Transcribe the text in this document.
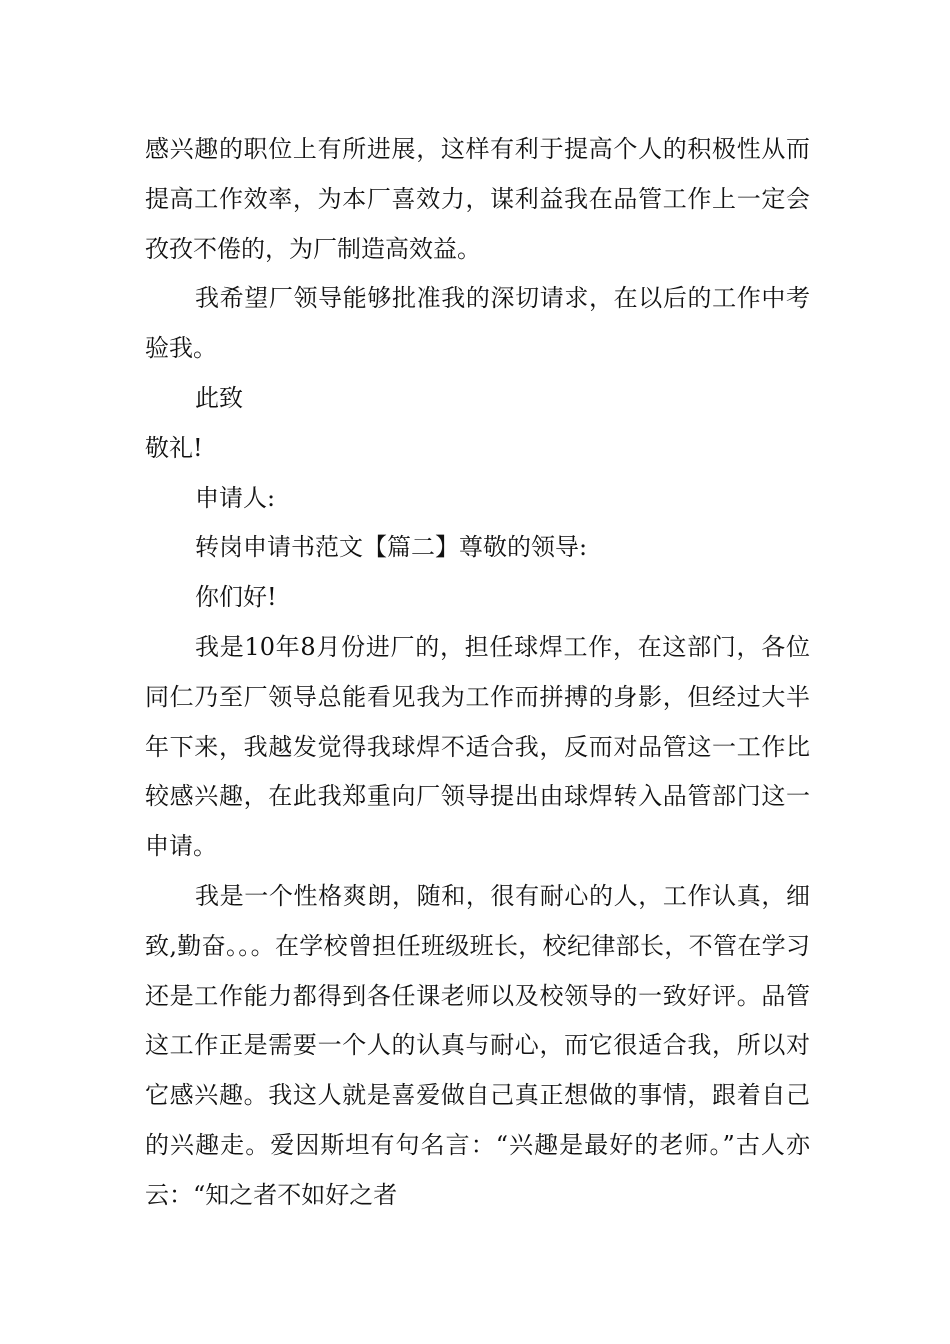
感兴趣的职位上有所进展，这样有利于提高个人的积极性从而提高工作效率，为本厂喜效力，谋利益我在品管工作上一定会孜孜不倦的，为厂制造高效益。

我希望厂领导能够批准我的深切请求，在以后的工作中考验我。

此致

敬礼!

申请人:

转岗申请书范文【篇二】尊敬的领导:

你们好!

我是10年8月份进厂的，担任球焊工作，在这部门，各位同仁乃至厂领导总能看见我为工作而拼搏的身影，但经过大半年下来，我越发觉得我球焊不适合我，反而对品管这一工作比较感兴趣，在此我郑重向厂领导提出由球焊转入品管部门这一申请。

我是一个性格爽朗，随和，很有耐心的人，工作认真，细致,勤奋。。。在学校曾担任班级班长，校纪律部长，不管在学习还是工作能力都得到各任课老师以及校领导的一致好评。品管这工作正是需要一个人的认真与耐心，而它很适合我，所以对它感兴趣。我这人就是喜爱做自己真正想做的事情，跟着自己的兴趣走。爱因斯坦有句名言：“兴趣是最好的老师。”古人亦云：“知之者不如好之者
